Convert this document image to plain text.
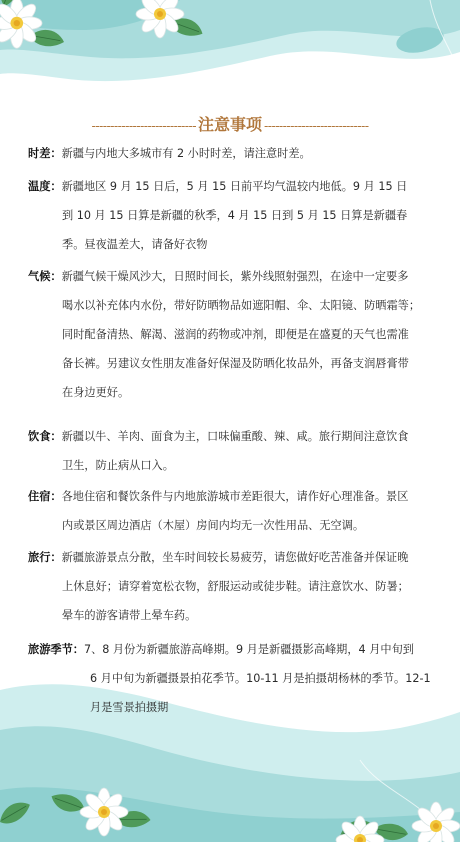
---------------------------- 注意事项 ----------------------------
时差：新疆与内地大多城市有 2 小时时差，请注意时差。
温度：新疆地区 9 月 15 日后，5 月 15 日前平均气温较内地低。9 月 15 日
到 10 月 15 日算是新疆的秋季，4 月 15 日到 5 月 15 日算是新疆春
季。昼夜温差大，请备好衣物
气候：新疆气候干燥风沙大，日照时间长，紫外线照射强烈，在途中一定要多
喝水以补充体内水份，带好防晒物品如遮阳帽、伞、太阳镜、防晒霜等；
同时配备清热、解渴、滋润的药物或冲剂，即便是在盛夏的天气也需准
备长裤。另建议女性朋友准备好保湿及防晒化妆品外，再备支润唇膏带
在身边更好。
饮食：新疆以牛、羊肉、面食为主，口味偏重酸、辣、咸。旅行期间注意饮食
卫生，防止病从口入。
住宿：各地住宿和餐饮条件与内地旅游城市差距很大，请作好心理准备。景区
内或景区周边酒店（木屋）房间内均无一次性用品、无空调。
旅行：新疆旅游景点分散，坐车时间较长易疲劳，请您做好吃苦准备并保证晚
上休息好；请穿着宽松衣物，舒服运动或徒步鞋。请注意饮水、防暑；
晕车的游客请带上晕车药。
旅游季节：7、8 月份为新疆旅游高峰期。9 月是新疆摄影高峰期，4 月中旬到
6 月中旬为新疆摄景拍花季节。10-11 月是拍摄胡杨林的季节。12-1
月是雪景拍摄期
